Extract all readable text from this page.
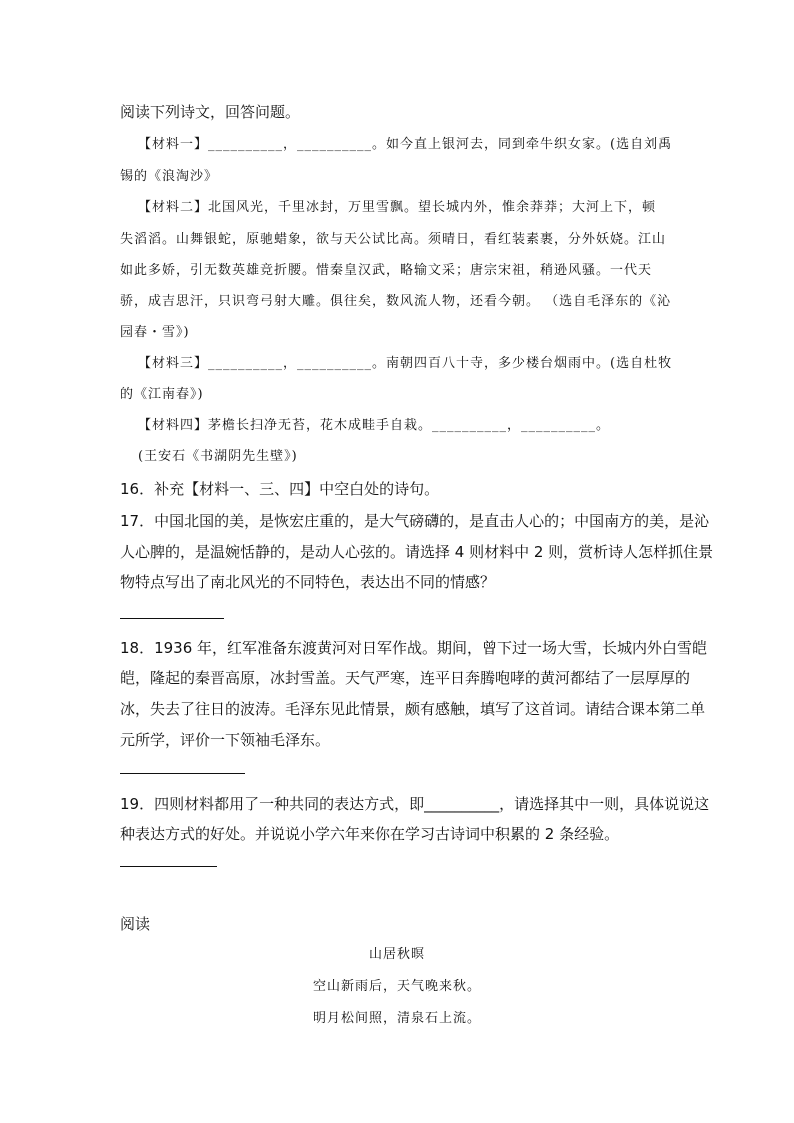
阅读下列诗文，回答问题。
【材料一】__________，__________。如今直上银河去，同到牵牛织女家。(选自刘禹
锡的《浪淘沙》
【材料二】北国风光，千里冰封，万里雪飘。望长城内外，惟余莽莽；大河上下，顿
失滔滔。山舞银蛇，原驰蜡象，欲与天公试比高。须晴日，看红装素裹，分外妖娆。江山
如此多娇，引无数英雄竞折腰。惜秦皇汉武，略输文采；唐宗宋祖，稍逊风骚。一代天
骄，成吉思汗，只识弯弓射大雕。俱往矣，数风流人物，还看今朝。 （选自毛泽东的《沁
园春・雪》)
【材料三】__________，__________。南朝四百八十寺，多少楼台烟雨中。(选自杜牧
的《江南春》)
【材料四】茅檐长扫净无苔，花木成畦手自栽。__________，__________。
(王安石《书湖阴先生壁》)
16．补充【材料一、三、四】中空白处的诗句。
17．中国北国的美，是恢宏庄重的，是大气磅礴的，是直击人心的；中国南方的美，是沁
人心脾的，是温婉恬静的，是动人心弦的。请选择 4 则材料中 2 则，赏析诗人怎样抓住景
物特点写出了南北风光的不同特色，表达出不同的情感？
18．1936 年，红军准备东渡黄河对日军作战。期间，曾下过一场大雪，长城内外白雪皑
皑，隆起的秦晋高原，冰封雪盖。天气严寒，连平日奔腾咆哮的黄河都结了一层厚厚的
冰，失去了往日的波涛。毛泽东见此情景，颇有感触，填写了这首词。请结合课本第二单
元所学，评价一下领袖毛泽东。
19．四则材料都用了一种共同的表达方式，即__________，请选择其中一则，具体说说这
种表达方式的好处。并说说小学六年来你在学习古诗词中积累的 2 条经验。
阅读
山居秋暝
空山新雨后，天气晚来秋。
明月松间照，清泉石上流。
